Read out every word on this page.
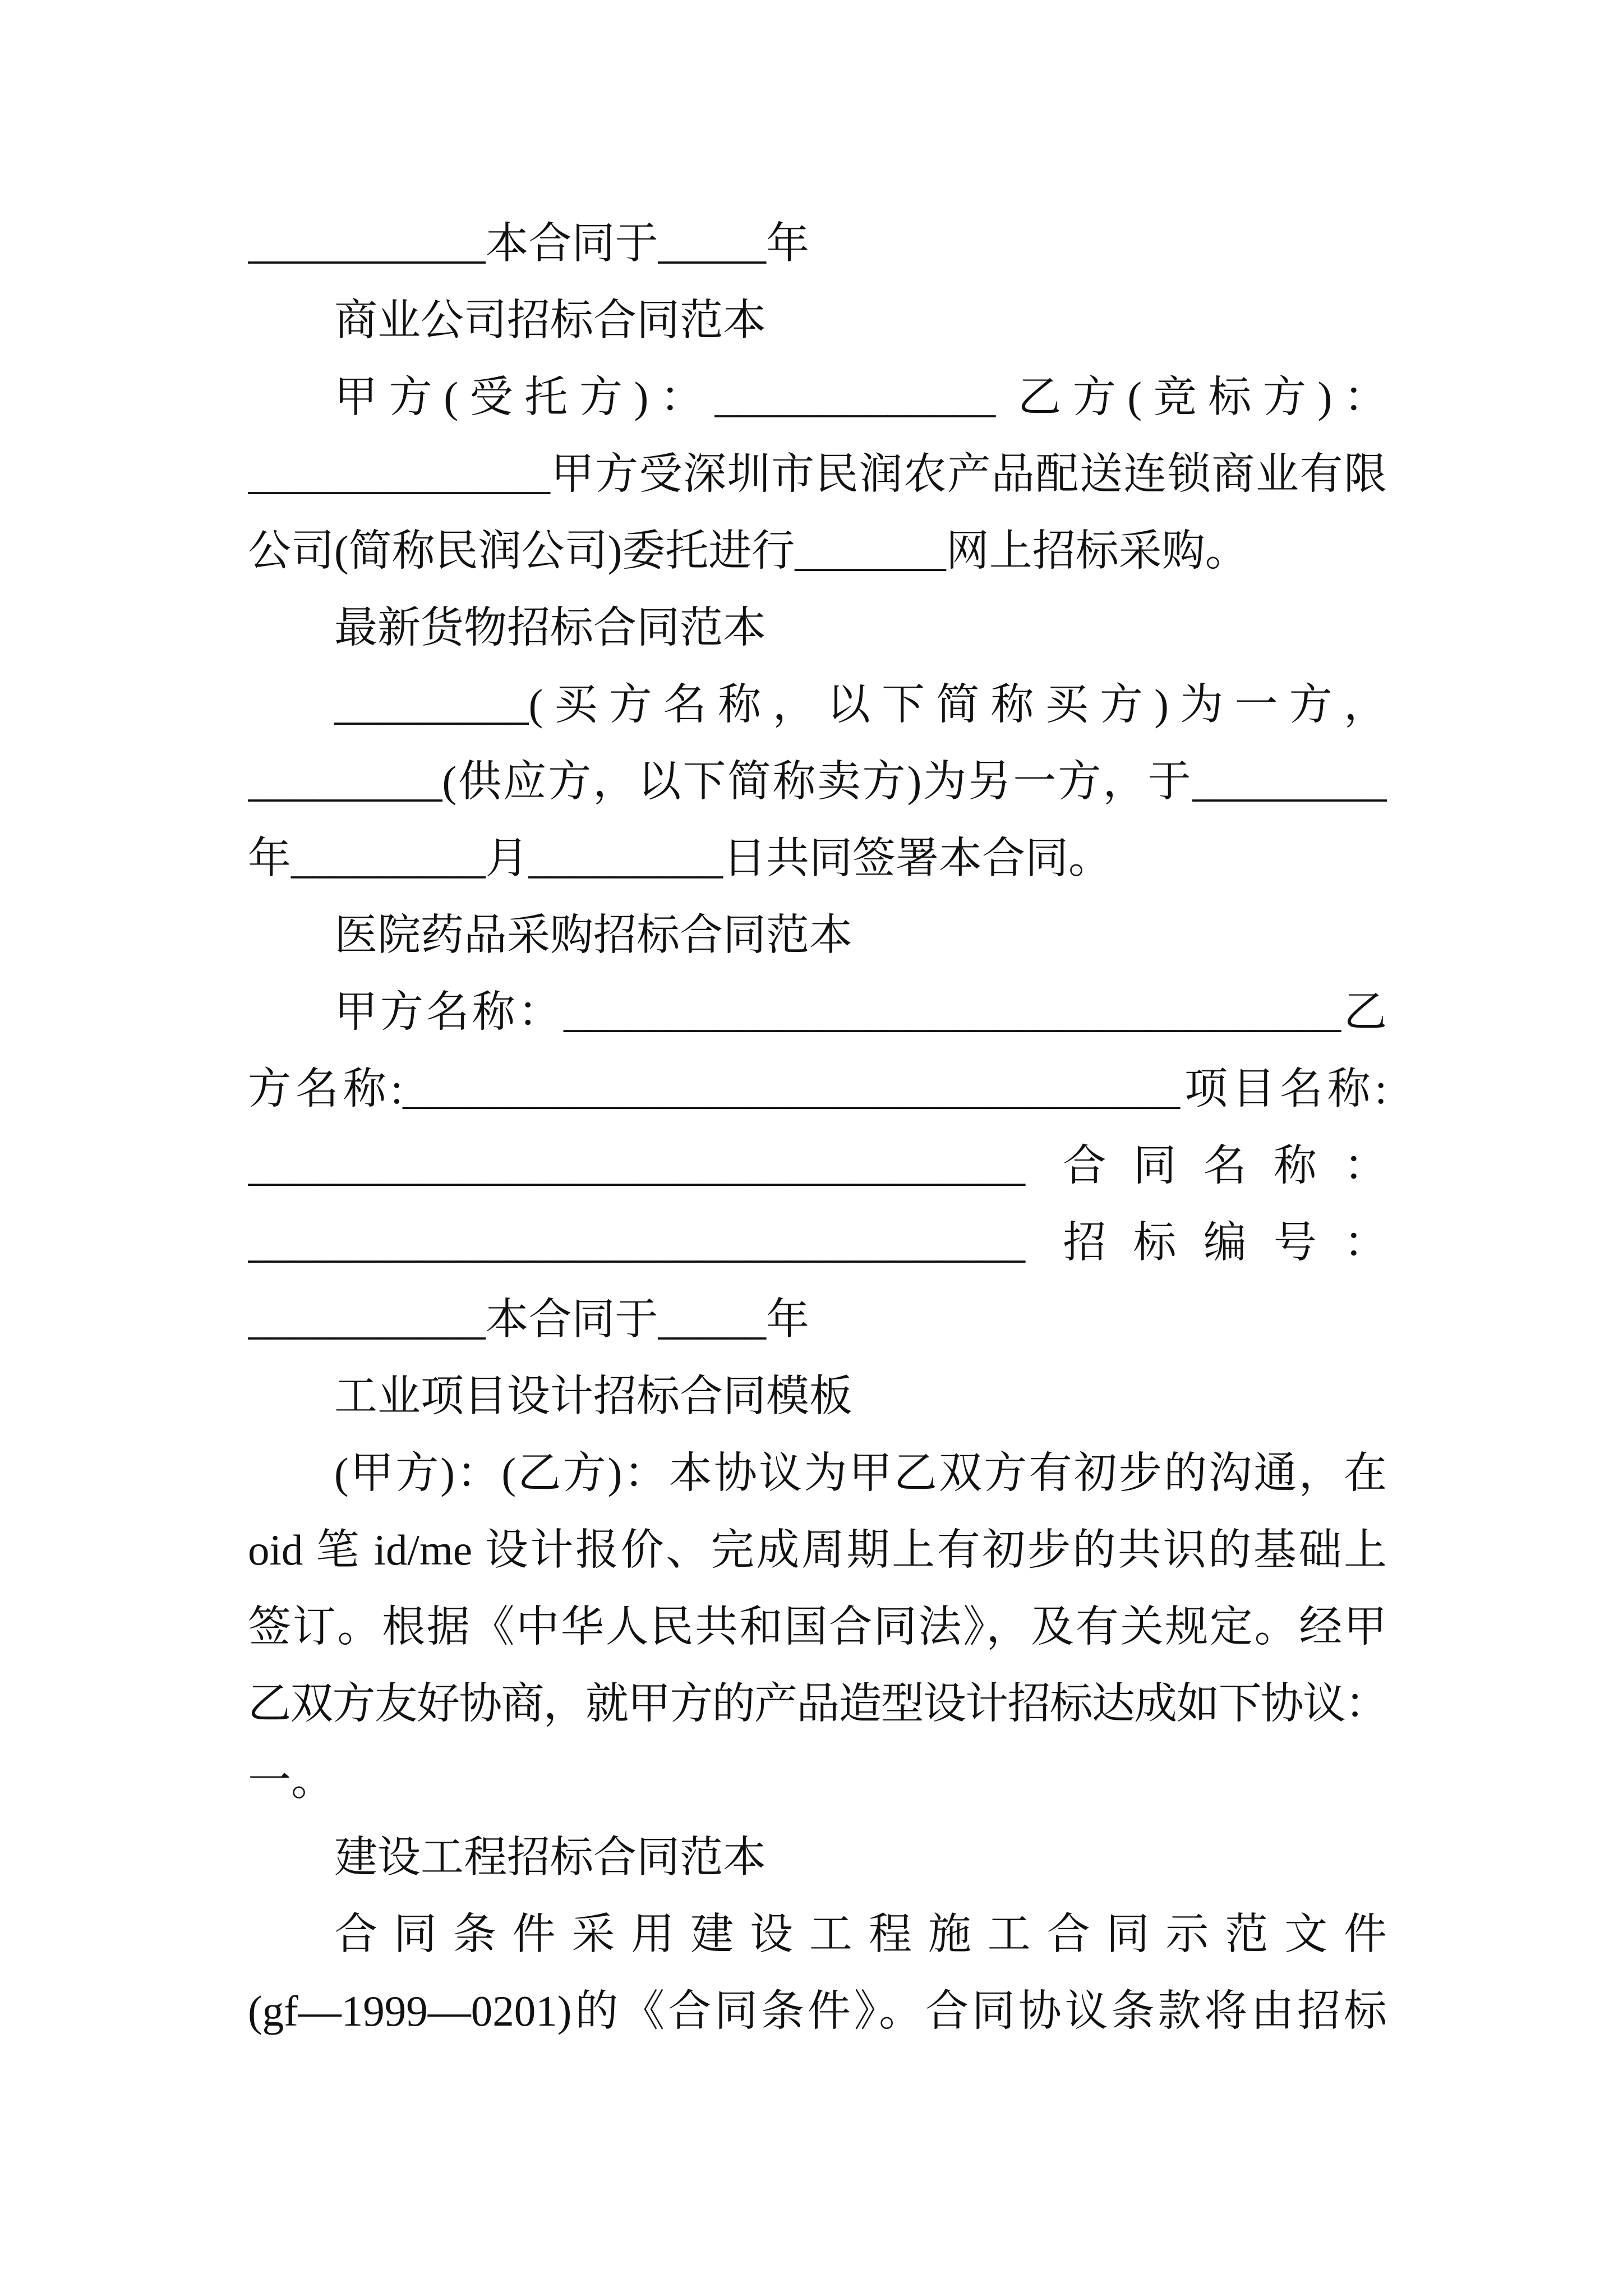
___________本合同于_____年
商业公司招标合同范本
甲方(受托方)：_____________ 乙方(竞标方)：
______________甲方受深圳市民润农产品配送连锁商业有限
公司(简称民润公司)委托进行_______网上招标采购。
最新货物招标合同范本
_________(买方名称，以下简称买方)为一方，
_________(供应方，以下简称卖方)为另一方，于_________
年_________月_________日共同签署本合同。
医院药品采购招标合同范本
甲方名称：____________________________________乙
方名称:____________________________________项目名称:
____________________________________ 合同名称：
____________________________________ 招标编号：
___________本合同于_____年
工业项目设计招标合同模板
(甲方)：(乙方)：本协议为甲乙双方有初步的沟通，在
oid 笔 id/me 设计报价、完成周期上有初步的共识的基础上
签订。根据《中华人民共和国合同法》，及有关规定。经甲
乙双方友好协商，就甲方的产品造型设计招标达成如下协议：
一。
建设工程招标合同范本
合同条件采用建设工程施工合同示范文件
(gf—1999—0201)的《合同条件》。合同协议条款将由招标
